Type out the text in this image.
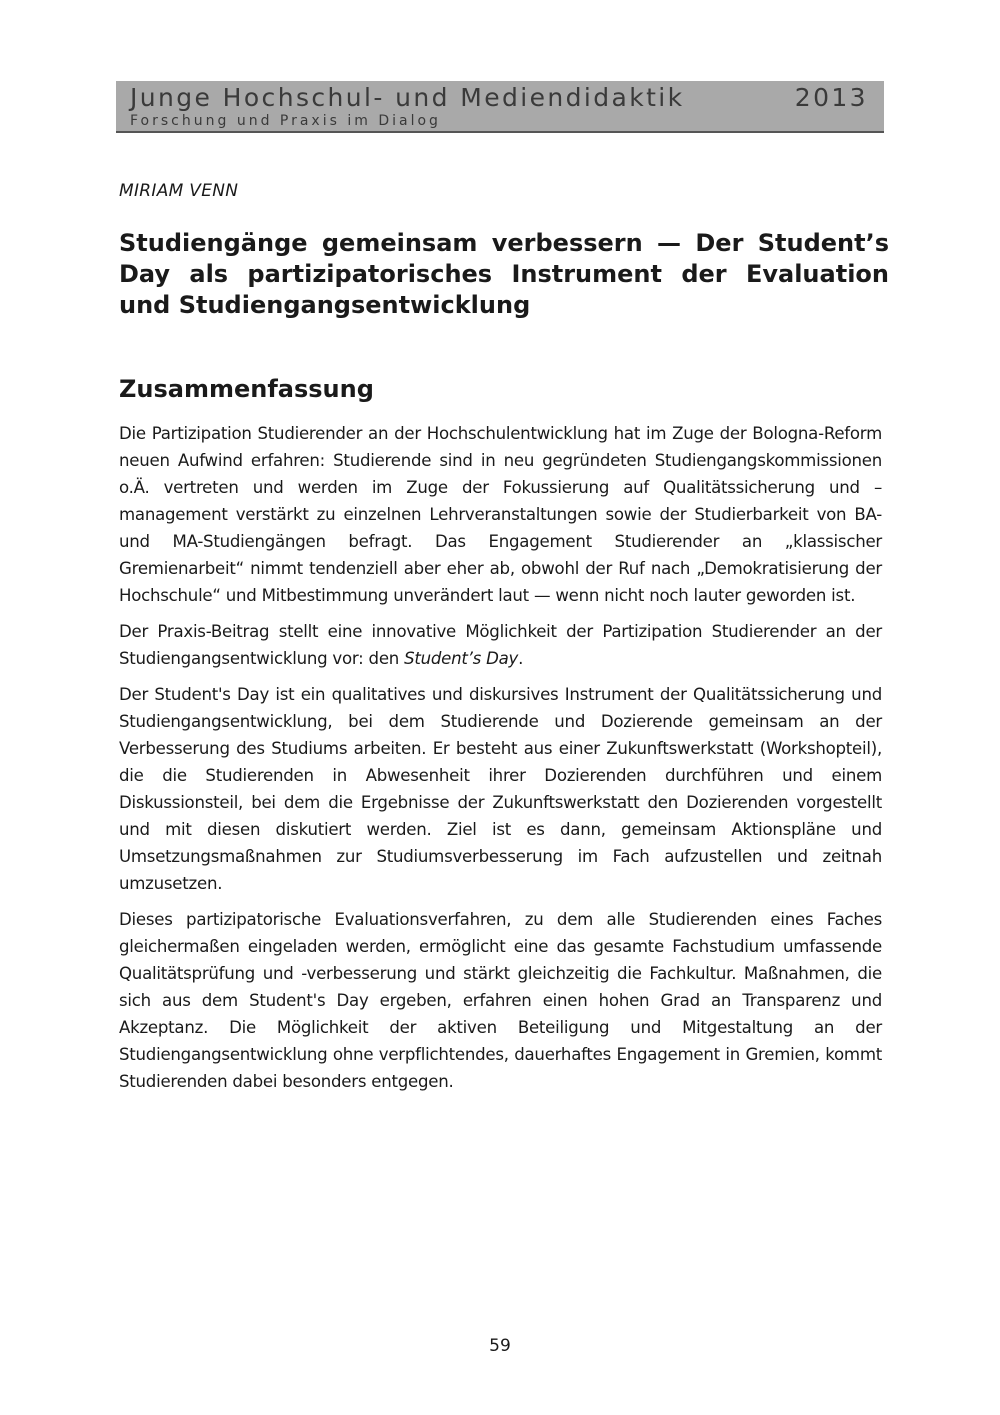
Junge Hochschul- und Mediendidaktik	2013
Forschung und Praxis im Dialog
MIRIAM VENN
Studiengänge gemeinsam verbessern — Der Student’s Day als partizipatorisches Instrument der Evaluation und Studiengangsentwicklung
Zusammenfassung

Die Partizipation Studierender an der Hochschulentwicklung hat im Zuge der Bologna-Reform neuen Aufwind erfahren: Studierende sind in neu gegründeten Studiengangskommissionen o.Ä. vertreten und werden im Zuge der Fokussierung auf Qualitätssicherung und –management verstärkt zu einzelnen Lehrveranstaltungen sowie der Studierbarkeit von BA- und MA-Studiengängen befragt. Das Engagement Studierender an „klassischer Gremienarbeit“ nimmt tendenziell aber eher ab, obwohl der Ruf nach „Demokratisierung der Hochschule“ und Mitbestimmung unverändert laut — wenn nicht noch lauter geworden ist.

Der Praxis-Beitrag stellt eine innovative Möglichkeit der Partizipation Studierender an der Studiengangsentwicklung vor: den Student’s Day.

Der Student's Day ist ein qualitatives und diskursives Instrument der Qualitätssicherung und Studiengangsentwicklung, bei dem Studierende und Dozierende gemeinsam an der Verbesserung des Studiums arbeiten. Er besteht aus einer Zukunftswerkstatt (Workshopteil), die die Studierenden in Abwesenheit ihrer Dozierenden durchführen und einem Diskussionsteil, bei dem die Ergebnisse der Zukunftswerkstatt den Dozierenden vorgestellt und mit diesen diskutiert werden. Ziel ist es dann, gemeinsam Aktionspläne und Umsetzungsmaßnahmen zur Studiumsverbesserung im Fach aufzustellen und zeitnah umzusetzen.

Dieses partizipatorische Evaluationsverfahren, zu dem alle Studierenden eines Faches gleichermaßen eingeladen werden, ermöglicht eine das gesamte Fachstudium umfassende Qualitätsprüfung und -verbesserung und stärkt gleichzeitig die Fachkultur. Maßnahmen, die sich aus dem Student's Day ergeben, erfahren einen hohen Grad an Transparenz und Akzeptanz. Die Möglichkeit der aktiven Beteiligung und Mitgestaltung an der Studiengangsentwicklung ohne verpflichtendes, dauerhaftes Engagement in Gremien, kommt Studierenden dabei besonders entgegen.

59
